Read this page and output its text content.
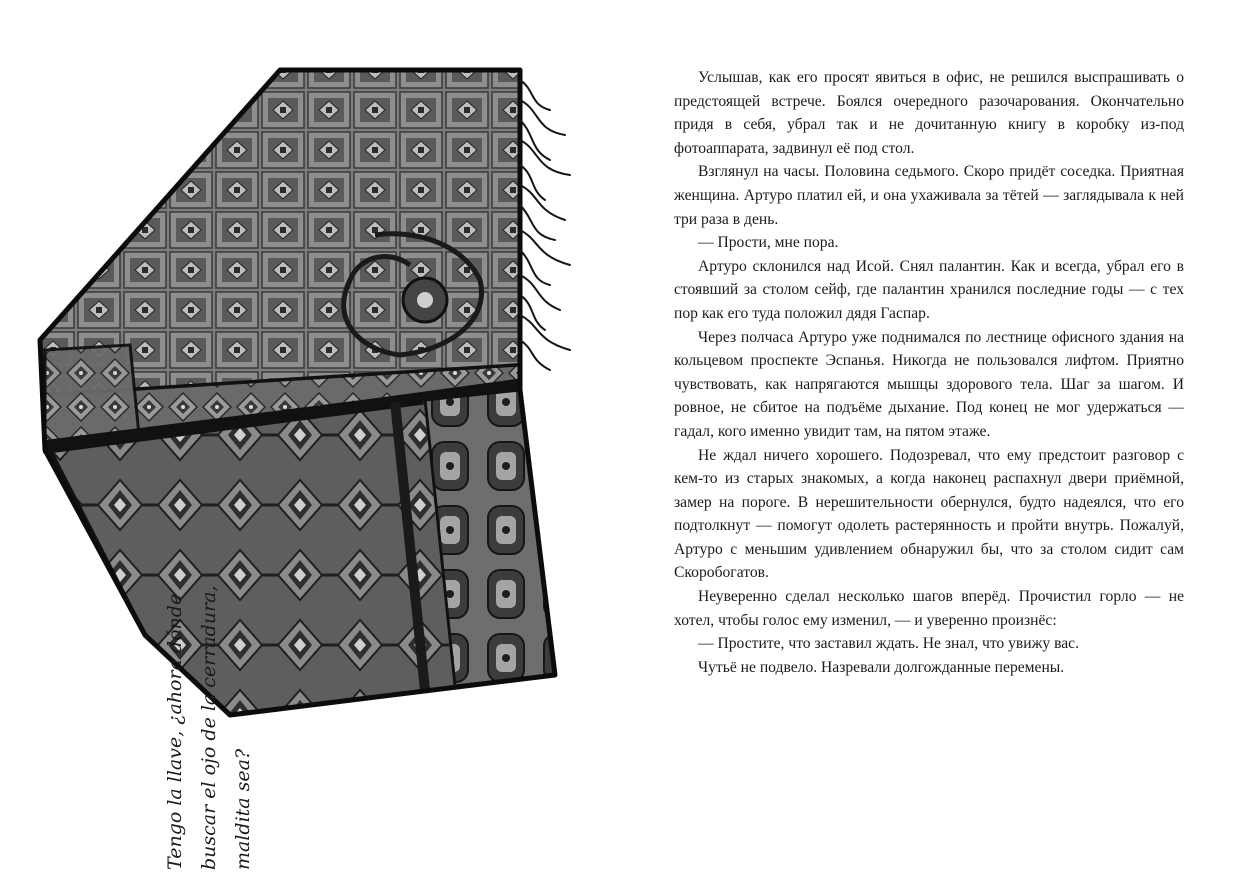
Tengo la llave, ¿ahora dónde buscar el ojo de la cerradura, maldita sea?

Услышав, как его просят явиться в офис, не решился выспрашивать о предстоящей встрече. Боялся очередного разочарования. Окончательно придя в себя, убрал так и не дочитанную книгу в коробку из-под фотоаппарата, задвинул её под стол.

Взглянул на часы. Половина седьмого. Скоро придёт соседка. Приятная женщина. Артуро платил ей, и она ухаживала за тётей — заглядывала к ней три раза в день.

— Прости, мне пора.

Артуро склонился над Исой. Снял палантин. Как и всегда, убрал его в стоявший за столом сейф, где палантин хранился последние годы — с тех пор как его туда положил дядя Гаспар.

Через полчаса Артуро уже поднимался по лестнице офисного здания на кольцевом проспекте Эспанья. Никогда не пользовался лифтом. Приятно чувствовать, как напрягаются мышцы здорового тела. Шаг за шагом. И ровное, не сбитое на подъёме дыхание. Под конец не мог удержаться — гадал, кого именно увидит там, на пятом этаже.

Не ждал ничего хорошего. Подозревал, что ему предстоит разговор с кем-то из старых знакомых, а когда наконец распахнул двери приёмной, замер на пороге. В нерешительности обернулся, будто надеялся, что его подтолкнут — помогут одолеть растерянность и пройти внутрь. Пожалуй, Артуро с меньшим удивлением обнаружил бы, что за столом сидит сам Скоробогатов.

Неуверенно сделал несколько шагов вперёд. Прочистил горло — не хотел, чтобы голос ему изменил, — и уверенно произнёс:

— Простите, что заставил ждать. Не знал, что увижу вас.

Чутьё не подвело. Назревали долгожданные перемены.
